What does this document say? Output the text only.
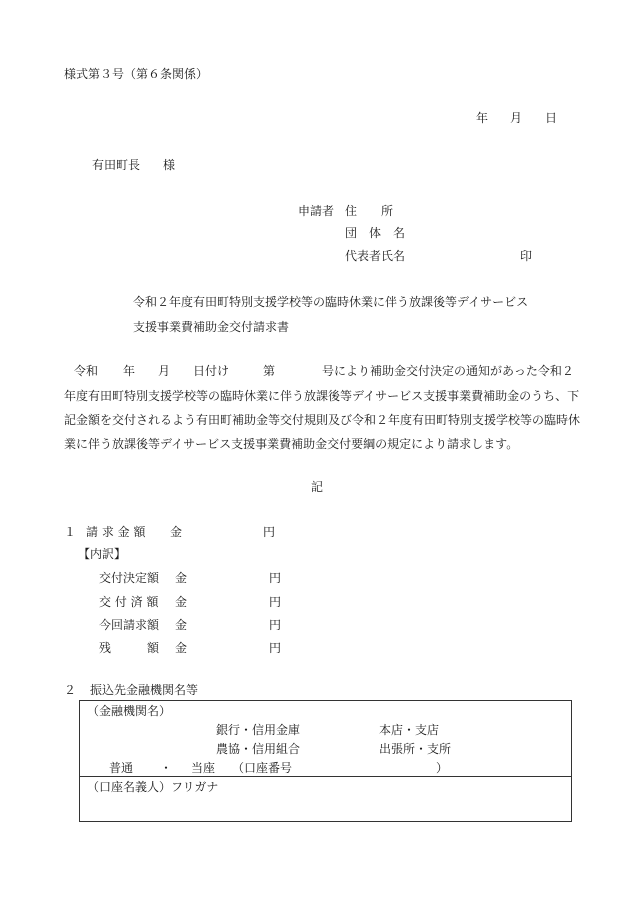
様式第３号（第６条関係）
年 月 日
有田町長 様
申請者 住　　所
団　体　名
代表者氏名	印
令和２年度有田町特別支援学校等の臨時休業に伴う放課後等デイサービス
支援事業費補助金交付請求書
令和 年 月 日付け	第	号により補助金交付決定の通知があった令和２
年度有田町特別支援学校等の臨時休業に伴う放課後等デイサービス支援事業費補助金のうち、下
記金額を交付されるよう有田町補助金等交付規則及び令和２年度有田町特別支援学校等の臨時休
業に伴う放課後等デイサービス支援事業費補助金交付要綱の規定により請求します。
記
１ 請 求 金 額 金	円
【内訳】
交付決定額 金	円
交 付 済 額 金	円
今回請求額 金	円
残　　　額 金	円
２ 振込先金融機関名等
（金融機関名）
銀行・信用金庫	本店・支店
農協・信用組合	出張所・支所
普通 ・ 当座 （口座番号	）
（口座名義人）フリガナ
